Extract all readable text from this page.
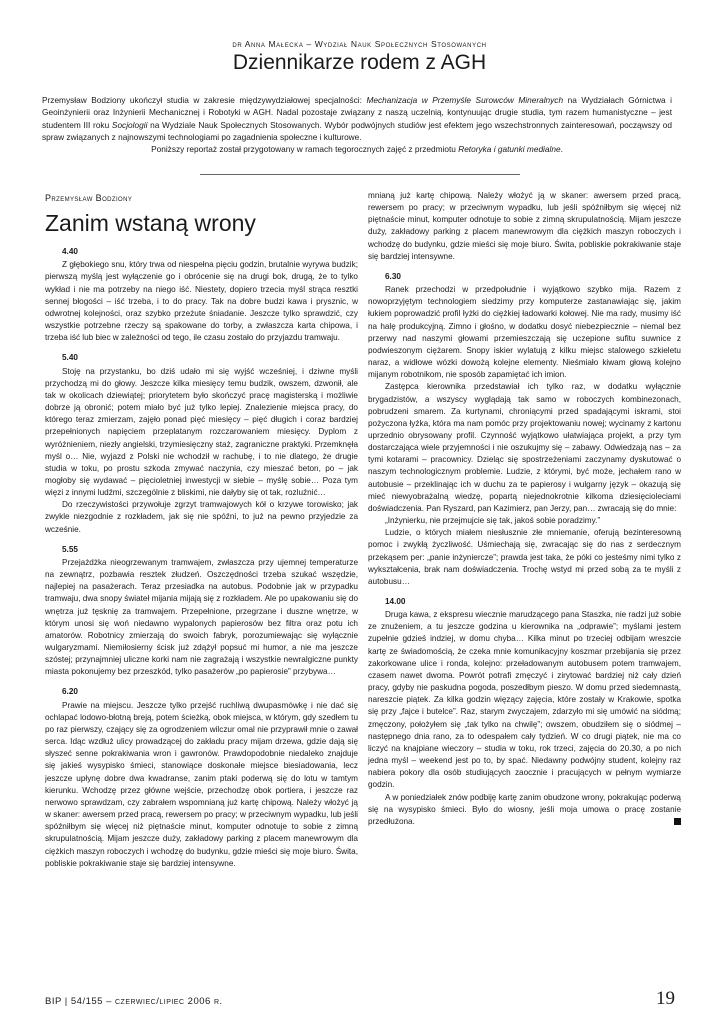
dr Anna Małecka – Wydział Nauk Społecznych Stosowanych
Dziennikarze rodem z AGH

Przemysław Bodziony ukończył studia w zakresie międzywydziałowej specjalności: Mechanizacja w Przemyśle Surowców Mineralnych na Wydziałach Górnictwa i Geoinżynierii oraz Inżynierii Mechanicznej i Robotyki w AGH. Nadal pozostaje związany z naszą uczelnią, kontynuując drugie studia, tym razem humanistyczne – jest studentem III roku Socjologii na Wydziale Nauk Społecznych Stosowanych. Wybór podwójnych studiów jest efektem jego wszechstronnych zainteresowań, począwszy od spraw związanych z najnowszymi technologiami po zagadnienia społeczne i kulturowe.

Poniższy reportaż został przygotowany w ramach tegorocznych zajęć z przedmiotu Retoryka i gatunki medialne.

Przemysław Bodziony
Zanim wstaną wrony
4.40

Z głębokiego snu, który trwa od niespełna pięciu godzin, brutalnie wyrywa budzik; pierwszą myślą jest wyłączenie go i obrócenie się na drugi bok, drugą, że to tylko wykład i nie ma potrzeby na niego iść. Niestety, dopiero trzecia myśl strąca resztki sennej błogości – iść trzeba, i to do pracy. Tak na dobre budzi kawa i prysznic, w odwrotnej kolejności, oraz szybko przeżute śniadanie. Jeszcze tylko sprawdzić, czy wszystkie potrzebne rzeczy są spakowane do torby, a zwłaszcza karta chipowa, i trzeba iść lub biec w zależności od tego, ile czasu zostało do przyjazdu tramwaju.

5.40

Stoję na przystanku, bo dziś udało mi się wyjść wcześniej, i dziwne myśli przychodzą mi do głowy. Jeszcze kilka miesięcy temu budzik, owszem, dzwonił, ale tak w okolicach dziewiątej; priorytetem było skończyć pracę magisterską i możliwie dobrze ją obronić; potem miało być już tylko lepiej. Znalezienie miejsca pracy, do którego teraz zmierzam, zajęło ponad pięć miesięcy – pięć długich i coraz bardziej przepełnionych napięciem przeplatanym rozczarowaniem miesięcy. Dyplom z wyróżnieniem, niezły angielski, trzymiesięczny staż, zagraniczne praktyki. Przemknęła myśl o… Nie, wyjazd z Polski nie wchodził w rachubę, i to nie dlatego, że drugie studia w toku, po prostu szkoda zmywać naczynia, czy mieszać beton, po – jak mogłoby się wydawać – pięcioletniej inwestycji w siebie – myślę sobie… Poza tym więzi z innymi ludźmi, szczególnie z bliskimi, nie dałyby się ot tak, rozluźnić…

Do rzeczywistości przywołuje zgrzyt tramwajowych kół o krzywe torowisko; jak zwykle niezgodnie z rozkładem, jak się nie spóźni, to już na pewno przyjedzie za wcześnie.

5.55

Przejażdżka nieogrzewanym tramwajem, zwłaszcza przy ujemnej temperaturze na zewnątrz, pozbawia resztek złudzeń. Oszczędności trzeba szukać wszędzie, najlepiej na pasażerach. Teraz przesiadka na autobus. Podobnie jak w przypadku tramwaju, dwa snopy świateł mijania mijają się z rozkładem. Ale po upakowaniu się do wnętrza już tęsknię za tramwajem. Przepełnione, przegrzane i duszne wnętrze, w którym unosi się woń niedawno wypalonych papierosów bez filtra oraz potu ich amatorów. Robotnicy zmierzają do swoich fabryk, porozumiewając się wyłącznie wulgaryzmami. Niemiłosierny ścisk już zdążył popsuć mi humor, a nie ma jeszcze szóstej; przynajmniej uliczne korki nam nie zagrażają i wszystkie newralgiczne punkty miasta pokonujemy bez przeszkód, tylko pasażerów „po papierosie” przybywa…

6.20

Prawie na miejscu. Jeszcze tylko przejść ruchliwą dwupasmówkę i nie dać się ochlapać lodowo-błotną breją, potem ścieżką, obok miejsca, w którym, gdy szedłem tu po raz pierwszy, czający się za ogrodzeniem wilczur omal nie przyprawił mnie o zawał serca. Idąc wzdłuż ulicy prowadzącej do zakładu pracy mijam drzewa, gdzie dają się słyszeć senne pokrakiwania wron i gawronów. Prawdopodobnie niedaleko znajduje się jakieś wysypisko śmieci, stanowiące doskonałe miejsce biesiadowania, lecz jeszcze upłynę dobre dwa kwadranse, zanim ptaki poderwą się do lotu w tamtym kierunku. Wchodzę przez główne wejście, przechodzę obok portiera, i jeszcze raz nerwowo sprawdzam, czy zabrałem wspomnianą już kartę chipową. Należy włożyć ją w skaner: awersem przed pracą, rewersem po pracy; w przeciwnym wypadku, lub jeśli spóźniłbym się więcej niż piętnaście minut, komputer odnotuje to sobie z zimną skrupulatnością. Mijam jeszcze duży, zakładowy parking z placem manewrowym dla ciężkich maszyn roboczych i wchodzę do budynku, gdzie mieści się moje biuro. Świta, pobliskie pokrakiwanie staje się bardziej intensywne.

mnianą już kartę chipową. Należy włożyć ją w skaner: awersem przed pracą, rewersem po pracy; w przeciwnym wypadku, lub jeśli spóźniłbym się więcej niż piętnaście minut, komputer odnotuje to sobie z zimną skrupulatnością. Mijam jeszcze duży, zakładowy parking z placem manewrowym dla ciężkich maszyn roboczych i wchodzę do budynku, gdzie mieści się moje biuro. Świta, pobliskie pokrakiwanie staje się bardziej intensywne.

6.30

Ranek przechodzi w przedpołudnie i wyjątkowo szybko mija. Razem z nowoprzyjętym technologiem siedzimy przy komputerze zastanawiając się, jakim łukiem poprowadzić profil łyżki do ciężkiej ładowarki kołowej. Nie ma rady, musimy iść na halę produkcyjną. Zimno i głośno, w dodatku dosyć niebezpiecznie – niemal bez przerwy nad naszymi głowami przemieszczają się uczepione sufitu suwnice z podwieszonym ciężarem. Snopy iskier wylatują z kilku miejsc stalowego szkieletu naraz, a widłowe wózki dowożą kolejne elementy. Nieśmiało kiwam głową kolejno mijanym robotnikom, nie sposób zapamiętać ich imion.

Zastępca kierownika przedstawiał ich tylko raz, w dodatku wyłącznie brygadzistów, a wszyscy wyglądają tak samo w roboczych kombinezonach, pobrudzeni smarem. Za kurtynami, chroniącymi przed spadającymi iskrami, stoi pożyczona łyżka, która ma nam pomóc przy projektowaniu nowej; wycinamy z kartonu uprzednio obrysowany profil. Czynność wyjątkowo ułatwiająca projekt, a przy tym dostarczająca wiele przyjemności i nie oszukujmy się – zabawy. Odwiedzają nas – za tymi kotarami – pracownicy. Dzieląc się spostrzeżeniami zaczynamy dyskutować o naszym technologicznym problemie. Ludzie, z którymi, być może, jechałem rano w autobusie – przeklinając ich w duchu za te papierosy i wulgarny język – okazują się mieć niewyobrażalną wiedzę, popartą niejednokrotnie kilkoma dziesięcioleciami doświadczenia. Pan Ryszard, pan Kazimierz, pan Jerzy, pan… zwracają się do mnie:

„Inżynierku, nie przejmujcie się tak, jakoś sobie poradzimy.”

Ludzie, o których miałem niesłusznie złe mniemanie, oferują bezinteresowną pomoc i zwykłą życzliwość. Uśmiechają się, zwracając się do nas z serdecznym przekąsem per: „panie inżyniercze”; prawda jest taka, że póki co jesteśmy nimi tylko z wykształcenia, brak nam doświadczenia. Trochę wstyd mi przed sobą za te myśli z autobusu…

14.00

Druga kawa, z ekspresu wiecznie marudzącego pana Staszka, nie radzi już sobie ze znużeniem, a tu jeszcze godzina u kierownika na „odprawie”; myślami jestem zupełnie gdzieś indziej, w domu chyba… Kilka minut po trzeciej odbijam wreszcie kartę ze świadomością, że czeka mnie komunikacyjny koszmar przebijania się przez zakorkowane ulice i ronda, kolejno: przeładowanym autobusem potem tramwajem, czasem nawet dwoma. Powrót potrafi zmęczyć i zirytować bardziej niż cały dzień pracy, gdyby nie paskudna pogoda, poszedłbym pieszo. W domu przed siedemnastą, nareszcie piątek. Za kilka godzin więzący zajęcia, które zostały w Krakowie, spotka się przy „fajce i butelce”. Raz, starym zwyczajem, zdarzyło mi się umówić na siódmą; zmęczony, położyłem się „tak tylko na chwilę”; owszem, obudziłem się o siódmej – następnego dnia rano, za to odespałem cały tydzień. W co drugi piątek, nie ma co liczyć na knajpiane wieczory – studia w toku, rok trzeci, zajęcia do 20.30, a po nich jedna myśl – weekend jest po to, by spać. Niedawny podwójny student, kolejny raz nabiera pokory dla osób studiujących zaocznie i pracujących w pełnym wymiarze godzin.

A w poniedziałek znów podbiję kartę zanim obudzone wrony, pokrakując poderwą się na wysypisko śmieci. Było do wiosny, jeśli moja umowa o pracę zostanie przedłużona.

BIP | 54/155 – czerwiec/lipiec 2006 r.	19
